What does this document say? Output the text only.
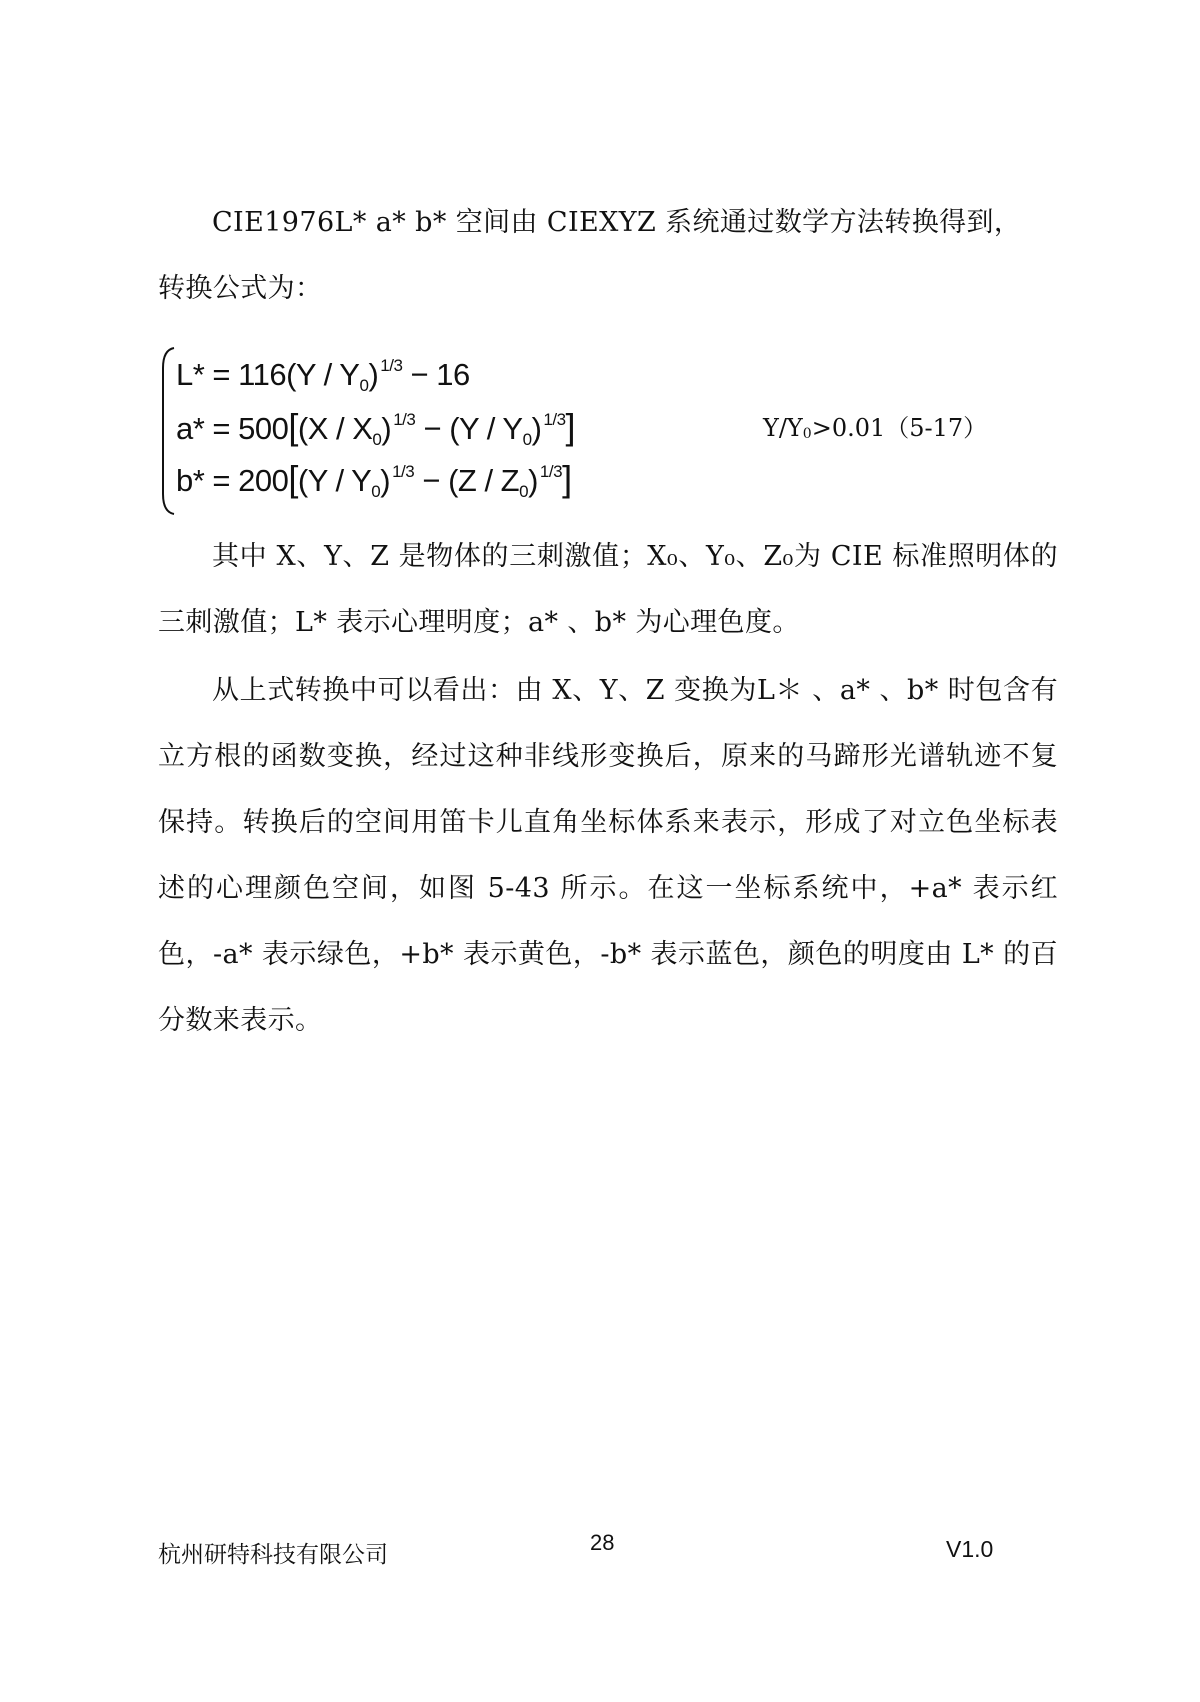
CIE1976L* a* b* 空间由 CIEXYZ 系统通过数学方法转换得到，
转换公式为：

$L* = 116(Y / Y_0)$ $^{1/3}$ − 16
$a* = 500[(X / X_0)$ $^{1/3} - (Y / Y_0)$ $^{1/3}$]
$b* = 200[(Y / Y_0)$ $^{1/3} - (Z / Z_0)$ $^{1/3}$]
$Y/Y_0>0.01(5-17)$

其中 X、Y、Z 是物体的三刺激值；X₀、Y₀、Z₀为 CIE 标准照明体的三刺激值；L* 表示心理明度；a* 、b* 为心理色度。

从上式转换中可以看出：由 X、Y、Z 变换为L＊ 、a* 、b* 时包含有立方根的函数变换，经过这种非线形变换后，原来的马蹄形光谱轨迹不复保持。转换后的空间用笛卡儿直角坐标体系来表示，形成了对立色坐标表述的心理颜色空间，如图 5-43 所示。在这一坐标系统中，+a* 表示红色，-a* 表示绿色，+b* 表示黄色，-b* 表示蓝色，颜色的明度由 L* 的百分数来表示。

杭州研特科技有限公司	28	V1.0
